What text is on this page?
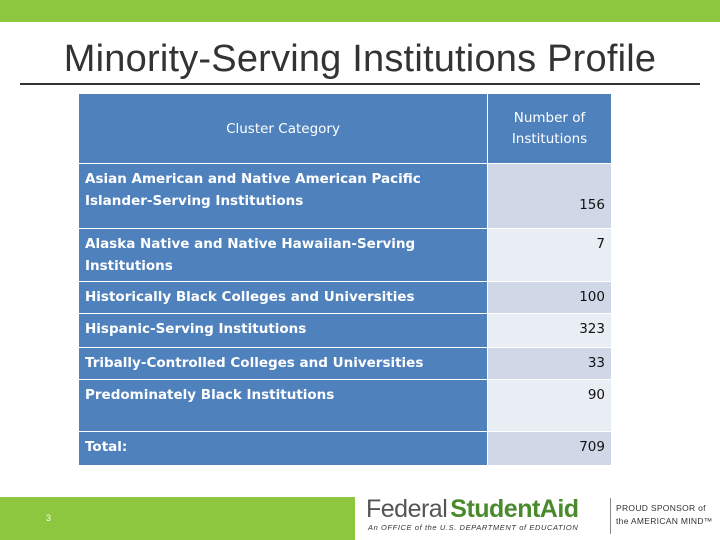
Minority-Serving Institutions Profile
Cluster Category	Number of Institutions
Asian American and Native American Pacific Islander-Serving Institutions	156
Alaska Native and Native Hawaiian-Serving Institutions	7
Historically Black Colleges and Universities	100
Hispanic-Serving Institutions	323
Tribally-Controlled Colleges and Universities	33
Predominately Black Institutions	90
Total:	709
3	Federal StudentAid
An OFFICE of the U.S. DEPARTMENT of EDUCATION
PROUD SPONSOR of
the AMERICAN MIND™
